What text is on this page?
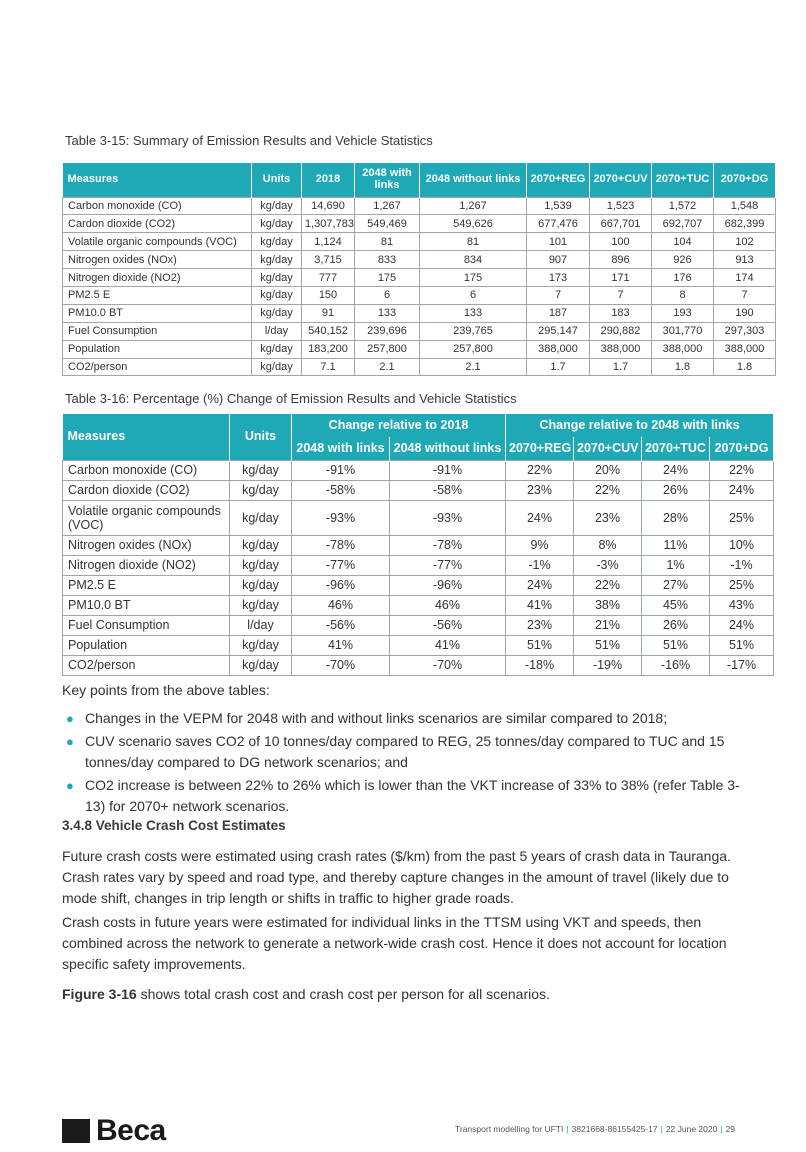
Table 3-15: Summary of Emission Results and Vehicle Statistics
Measures	Units	2018	2048 with links	2048 without links	2070+REG	2070+CUV	2070+TUC	2070+DG
Carbon monoxide (CO)	kg/day	14,690	1,267	1,267	1,539	1,523	1,572	1,548
Cardon dioxide (CO2)	kg/day	1,307,783	549,469	549,626	677,476	667,701	692,707	682,399
Volatile organic compounds (VOC)	kg/day	1,124	81	81	101	100	104	102
Nitrogen oxides (NOx)	kg/day	3,715	833	834	907	896	926	913
Nitrogen dioxide (NO2)	kg/day	777	175	175	173	171	176	174
PM2.5 E	kg/day	150	6	6	7	7	8	7
PM10.0 BT	kg/day	91	133	133	187	183	193	190
Fuel Consumption	l/day	540,152	239,696	239,765	295,147	290,882	301,770	297,303
Population	kg/day	183,200	257,800	257,800	388,000	388,000	388,000	388,000
CO2/person	kg/day	7.1	2.1	2.1	1.7	1.7	1.8	1.8
Table 3-16: Percentage (%) Change of Emission Results and Vehicle Statistics
Measures	Units	Change relative to 2018		Change relative to 2048 with links			
		2048 with links	2048 without links	2070+REG	2070+CUV	2070+TUC	2070+DG
Carbon monoxide (CO)	kg/day	-91%	-91%	22%	20%	24%	22%
Cardon dioxide (CO2)	kg/day	-58%	-58%	23%	22%	26%	24%
Volatile organic compounds (VOC)	kg/day	-93%	-93%	24%	23%	28%	25%
Nitrogen oxides (NOx)	kg/day	-78%	-78%	9%	8%	11%	10%
Nitrogen dioxide (NO2)	kg/day	-77%	-77%	-1%	-3%	1%	-1%
PM2.5 E	kg/day	-96%	-96%	24%	22%	27%	25%
PM10.0 BT	kg/day	46%	46%	41%	38%	45%	43%
Fuel Consumption	l/day	-56%	-56%	23%	21%	26%	24%
Population	kg/day	41%	41%	51%	51%	51%	51%
CO2/person	kg/day	-70%	-70%	-18%	-19%	-16%	-17%
Key points from the above tables:
● Changes in the VEPM for 2048 with and without links scenarios are similar compared to 2018;
● CUV scenario saves CO2 of 10 tonnes/day compared to REG, 25 tonnes/day compared to TUC and 15 tonnes/day compared to DG network scenarios; and
● CO2 increase is between 22% to 26% which is lower than the VKT increase of 33% to 38% (refer Table 3-13) for 2070+ network scenarios.
3.4.8 Vehicle Crash Cost Estimates
Future crash costs were estimated using crash rates ($/km) from the past 5 years of crash data in Tauranga. Crash rates vary by speed and road type, and thereby capture changes in the amount of travel (likely due to mode shift, changes in trip length or shifts in traffic to higher grade roads.
Crash costs in future years were estimated for individual links in the TTSM using VKT and speeds, then combined across the network to generate a network-wide crash cost. Hence it does not account for location specific safety improvements.
Figure 3-16 shows total crash cost and crash cost per person for all scenarios.
Beca	Transport modelling for UFTI | 3821668-86155425-17 | 22 June 2020 | 29
